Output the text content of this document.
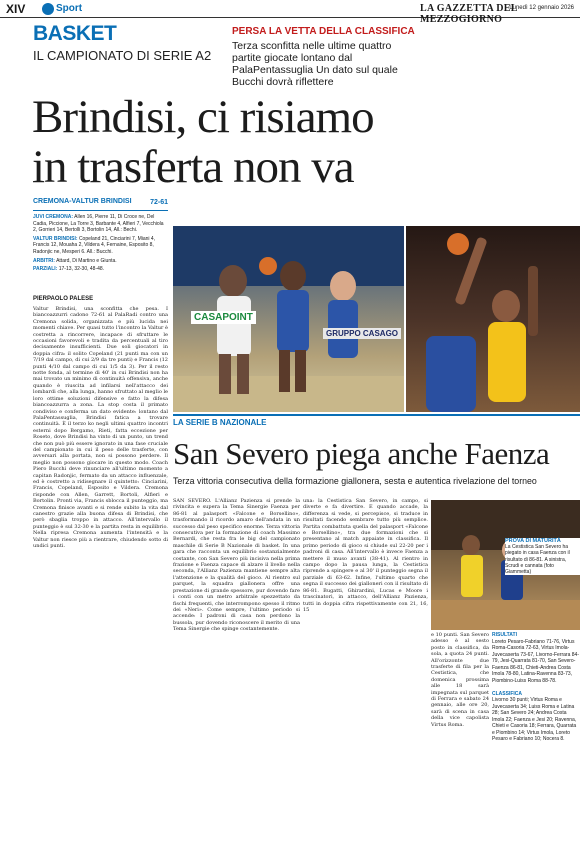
XIV	Sport	LA GAZZETTA DEL MEZZOGIORNO
Lunedì 12 gennaio 2026
BASKET
IL CAMPIONATO DI SERIE A2
PERSA LA VETTA DELLA CLASSIFICA
Terza sconfitta nelle ultime quattro partite giocate lontano dal PalaPentassuglia Un dato sul quale Bucchi dovrà riflettere
Brindisi, ci risiamo
in trasferta non va
CREMONA-VALTUR BRINDISI	72-61

JUVI CREMONA: Allen 16, Pierre 11, Di Croce ne, Del Cadia, Piccione, La Torre 3, Barbante 4, Alfieri 7, Vecchiola 2, Gorrieri 14, Bertolli 3, Bortolin 14, All.: Bechi.

VALTUR BRINDISI: Copeland 21, Cinciarini 7, Miani 4, Francis 12, Mouaha 2, Vildera 4, Fernaine, Esposito 8, Radonjic ne, Mesperi 6. All.: Bucchi.

ARBITRI: Attard, Di Martino e Giunta.

PARZIALI: 17-13, 32-30, 48-48.

PIERPAOLO PALESE
Valtur Brindisi, una sconfitta che pesa. I biancoazzurri cadono 72-61 al PalaRadi contro una Cremona solida, organizzata e più lucida nei momenti chiave. Per quasi tutto l'incontro la Valtur è costretta a rincorrere, incapace di sfruttare le occasioni favorevoli e tradita da percentuali al tiro decisamente insufficienti. Due soli giocatori in doppia cifra: il solito Copeland (21 punti ma con un 7/19 dal campo, di cui 2/9 da tre punti) e Francis (12 punti 4/10 dal campo di cui 1/5 da 3). Per il resto notte fonda, al termine di 40' in cui Brindisi non ha mai trovato un minimo di continuità offensiva, anche quando è riuscita ad infilarsi nell'attacco dei lombardi che, alla lunga, hanno sfruttato al meglio le loro ottime soluzioni difensive e fatto la difesa biancoazzurra a zona. La stop costa il primato condiviso e conferma un dato evidente: lontano dal PalaPentassuglia, Brindisi fatica a trovare continuità. È il terzo ko negli ultimi quattro incontri esterni dopo Bergamo, Rieti, fatta eccezione per Roseto, dove Brindisi ha vinto di un punto, un trend che non può più essere ignorato in una fase cruciale del campionato in cui il peso delle trasferte, con avversari alla portata, non si possono perdere. Il meglio non possono giocare in questo modo. Coach Piero Bucchi deve rinunciare all'ultimo momento a capitan Radonjic, fermato da un attacco influenzale, ed è costretto a ridisegnare il quintetto: Cinciarini, Francis, Copeland, Esposito e Vildera. Cremona risponde con Allen, Garrett, Bortoli, Alfieri e Bortolin. Pronti via, Francis sblocca il punteggio, ma Cremona finisce avanti e si rende subito la vita dal canestro grazie alla buona difesa di Brindisi, che però sbaglia troppo in attacco. All'intervallo il punteggio è sul 32-30 e la partita resta in equilibrio. Nella ripresa Cremona aumenta l'intensità e la Valtur non riesce più a rientrare, chiudendo sotto di undici punti.
CASAPOINT
GRUPPO CASAGO
LA SERIE B NAZIONALE
San Severo piega anche Faenza
Terza vittoria consecutiva della formazione giallonera, sesta e autentica rivelazione del torneo
SAN SEVERO. L'Allianz Pazienza si prende la rivincita e supera la Tema Sinergie Faenza per 86-81 al palasport «Falcone e Borsellino», trasformando il ricordo amaro dell'andata in un successo dal peso specifico enorme. Terza vittoria consecutiva per la formazione di coach Massimo Bernardi, che resta fra le big del campionato maschile di Serie B Nazionale di basket. In una gara che racconta un equilibrio sostanzialmente costante, con San Severo più incisiva nella prima frazione e Faenza capace di alzare il livello nella seconda, l'Allianz Pazienza mantiene sempre alta l'attenzione e la qualità del gioco. Al rientro sul parquet, la squadra giallonera offre una prestazione di grande spessore, pur dovendo fare i conti con un metro arbitrale spezzettato da fischi frequenti, che interrompono spesso il ritmo dei «Neri». Come sempre, l'ultimo periodo si accende: I padroni di casa non perdono la bussola, pur dovendo riconoscere il merito di una Tema Sinergie che spinge costantemente.
una: la Cestistica San Severo, in campo, si diverte e fa divertire. E quando accade, la differenza si vede, si percepisce, si traduce in risultati facendo sembrare tutto più semplice. Partita combattuta quella del palasport «Falcone e Borsellino», tra due formazioni che si presentano al match appaiate in classifica. Il primo periodo di gioco si chiude sul 22-20 per i padroni di casa. All'intervallo è invece Faenza a mettere il muso avanti (38-41). Al rientro in campo dopo la pausa lunga, la Cestistica riprende a spingere e al 30' il punteggio segna il parziale di 63-62. Infine, l'ultimo quarto che segna il successo dei gialloneri con il risultato di 86-81. Bugatti, Ghirardini, Lucas e Moore i trascinatori, in attacco, dell'Allianz Pazienza, tutti in doppia cifra rispettivamente con 21, 16, 15
PROVA DI MATURITÀ
La Cestistica San Severo ha piegato in casa Faenza con il risultato di 86-81. A sinistra, Scrudi e cannata (foto Giammetta)
e 10 punti. San Severo adesso è al sesto posto in classifica, da sola, a quota 24 punti. All'orizzonte due trasferte di fila per la Cestistica, che domenica prossima alle 18 sarà impegnata sul parquet di Ferrara e sabato 24 gennaio, alle ore 20, sarà di scena in casa della vice capolista Virtus Roma.
RISULTATI
Loreto Pesaro-Fabriano 71-76, Virtus Roma-Casoria 72-63, Virtus Imola-Juvecaserta 73-67, Livorno-Ferrara 84-79, Jesi-Quarrata 81-70, San Severo-Faenza 86-81, Chieti-Andrea Costa Imola 78-80, Latina-Ravenna 83-73, Piombino-Luiss Roma 88-78.

CLASSIFICA
Livorno 30 punti; Virtus Roma e Juvecaserta 34; Luiss Roma e Latina 28; San Severo 24; Andrea Costa Imola 22; Faenza e Jesi 20; Ravenna, Chieti e Casoria 18; Ferrara, Quarrata e Piombino 14; Virtus Imola, Loreto Pesaro e Fabriano 10; Nocera 8.
